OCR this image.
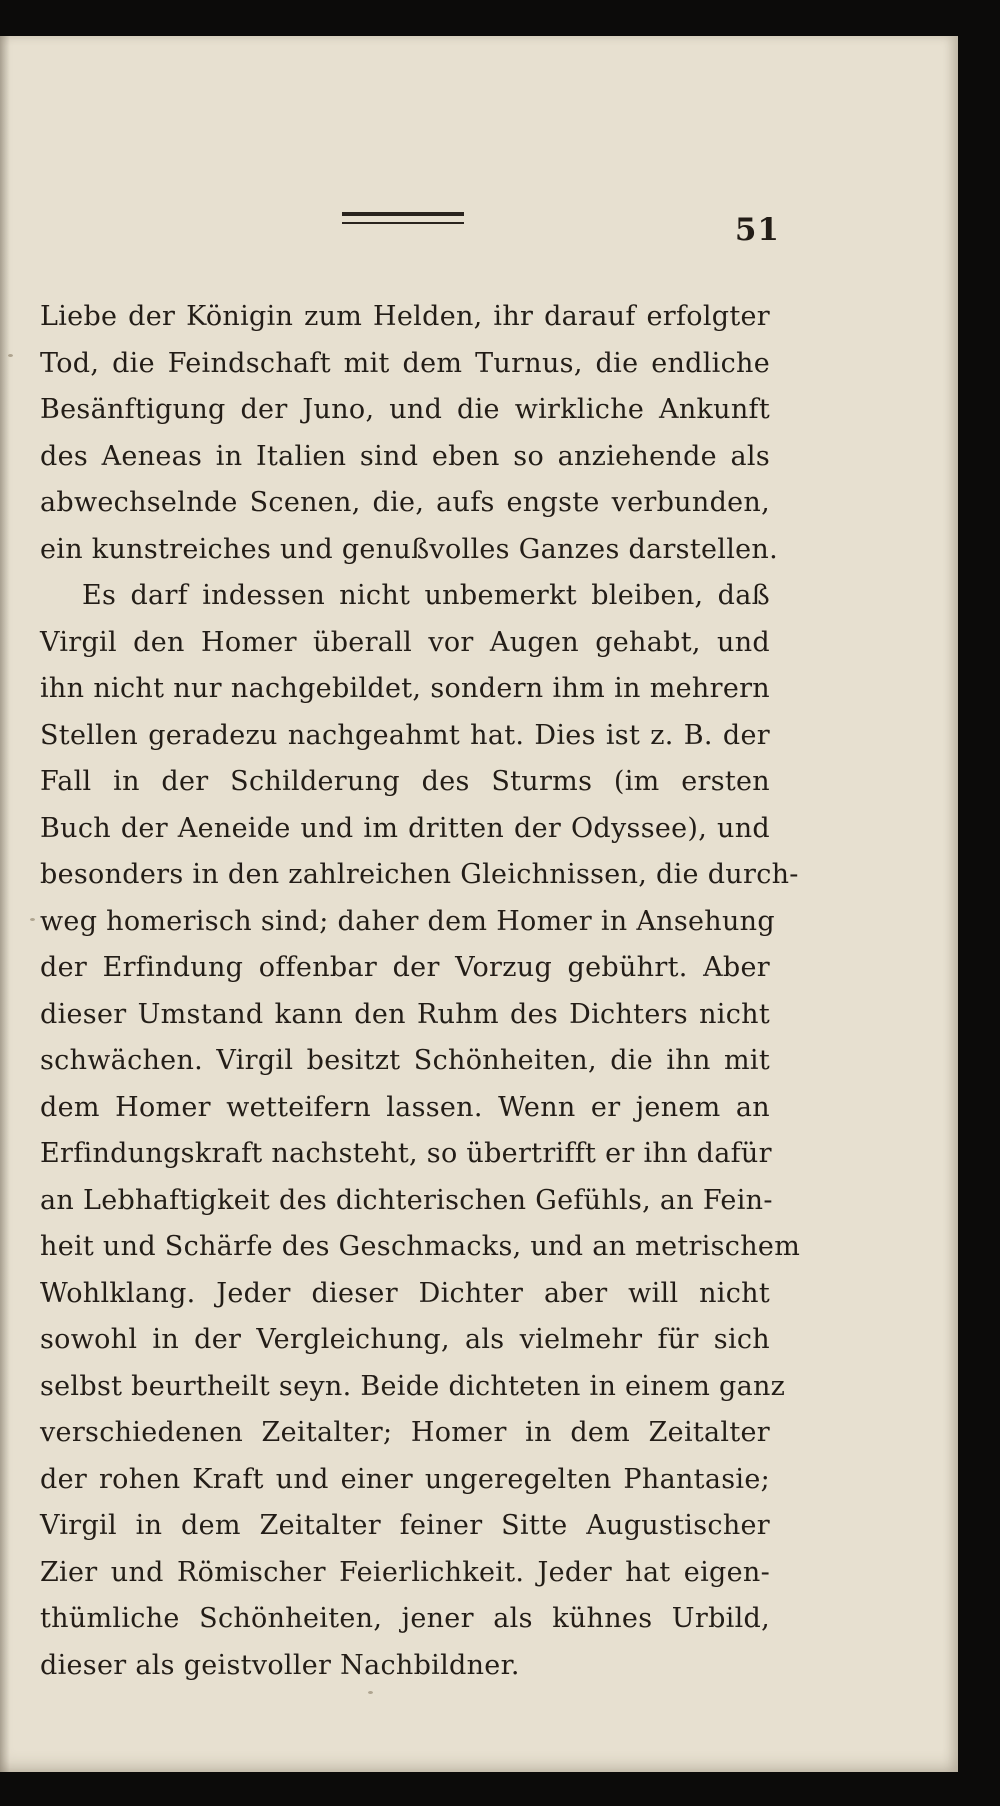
51
Liebe der Königin zum Helden, ihr darauf erfolgter
Tod, die Feindschaft mit dem Turnus, die endliche
Besänftigung der Juno, und die wirkliche Ankunft
des Aeneas in Italien sind eben so anziehende als
abwechselnde Scenen, die, aufs engste verbunden,
ein kunstreiches und genußvolles Ganzes darstellen.
Es darf indessen nicht unbemerkt bleiben, daß
Virgil den Homer überall vor Augen gehabt, und
ihn nicht nur nachgebildet, sondern ihm in mehrern
Stellen geradezu nachgeahmt hat. Dies ist z. B. der
Fall in der Schilderung des Sturms (im ersten
Buch der Aeneide und im dritten der Odyssee), und
besonders in den zahlreichen Gleichnissen, die durch-
weg homerisch sind; daher dem Homer in Ansehung
der Erfindung offenbar der Vorzug gebührt. Aber
dieser Umstand kann den Ruhm des Dichters nicht
schwächen. Virgil besitzt Schönheiten, die ihn mit
dem Homer wetteifern lassen. Wenn er jenem an
Erfindungskraft nachsteht, so übertrifft er ihn dafür
an Lebhaftigkeit des dichterischen Gefühls, an Fein-
heit und Schärfe des Geschmacks, und an metrischem
Wohlklang. Jeder dieser Dichter aber will nicht
sowohl in der Vergleichung, als vielmehr für sich
selbst beurtheilt seyn. Beide dichteten in einem ganz
verschiedenen Zeitalter; Homer in dem Zeitalter
der rohen Kraft und einer ungeregelten Phantasie;
Virgil in dem Zeitalter feiner Sitte Augustischer
Zier und Römischer Feierlichkeit. Jeder hat eigen-
thümliche Schönheiten, jener als kühnes Urbild,
dieser als geistvoller Nachbildner.
